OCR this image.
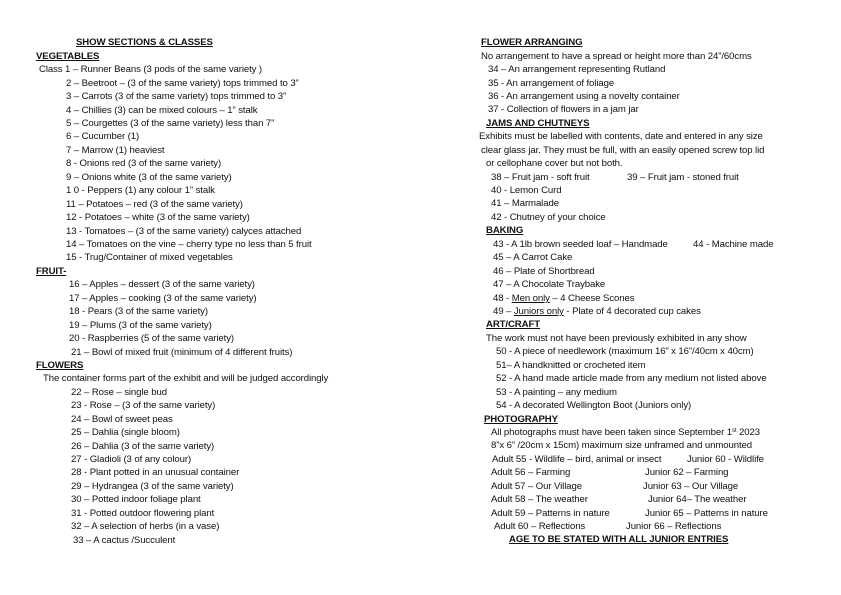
SHOW SECTIONS & CLASSES
VEGETABLES
Class 1 – Runner Beans (3 pods of the same variety )
2 – Beetroot – (3 of the same variety) tops trimmed to 3”
3 – Carrots (3 of the same variety) tops trimmed to 3”
4 – Chillies (3) can be mixed colours – 1” stalk
5 – Courgettes (3 of the same variety) less than 7”
6 – Cucumber (1)
7 – Marrow (1) heaviest
8 - Onions red (3 of the same variety)
9 – Onions white (3 of the same variety)
1 0 - Peppers (1) any colour 1” stalk
11 – Potatoes – red (3 of the same variety)
12 - Potatoes – white (3 of the same variety)
13 - Tomatoes – (3 of the same variety) calyces attached
14 – Tomatoes on the vine – cherry type no less than 5 fruit
15 - Trug/Container of mixed vegetables
FRUIT-
16 – Apples – dessert (3 of the same variety)
17 – Apples – cooking (3 of the same variety)
18 - Pears (3 of the same variety)
19 – Plums (3 of the same variety)
20 - Raspberries (5 of the same variety)
21 – Bowl of mixed fruit (minimum of 4 different fruits)
FLOWERS
The container forms part of the exhibit and will be judged accordingly
22 – Rose – single bud
23 - Rose – (3 of the same variety)
24 – Bowl of sweet peas
25 – Dahlia (single bloom)
26 – Dahlia (3 of the same variety)
27 - Gladioli (3 of any colour)
28 - Plant potted in an unusual container
29 – Hydrangea (3 of the same variety)
30 – Potted indoor foliage plant
31 - Potted outdoor flowering plant
32 – A selection of herbs (in a vase)
33 – A cactus /Succulent
FLOWER ARRANGING
No arrangement to have a spread or height more than 24”/60cms
34 – An arrangement representing Rutland
35 - An arrangement of foliage
36 - An arrangement using a novelty container
37 - Collection of flowers in a jam jar
JAMS AND CHUTNEYS
Exhibits must be labelled with contents, date and entered in any size
clear glass jar. They must be full, with an easily opened screw top lid
or cellophane cover but not both.
38 – Fruit jam - soft fruit	39 – Fruit jam - stoned fruit
40 - Lemon Curd
41 – Marmalade
42 - Chutney of your choice
BAKING
43 - A 1lb brown seeded loaf – Handmade	44 - Machine made
45 – A Carrot Cake
46 – Plate of Shortbread
47 – A Chocolate Traybake
48 - Men only – 4 Cheese Scones
49 – Juniors only - Plate of 4 decorated cup cakes
ART/CRAFT
The work must not have been previously exhibited in any show
50 - A piece of needlework (maximum 16” x 16”/40cm x 40cm)
51– A handknitted or crocheted item
52 - A hand made article made from any medium not listed above
53 - A painting – any medium
54 - A decorated Wellington Boot (Juniors only)
PHOTOGRAPHY
All photographs must have been taken since September 1st 2023
8”x 6” /20cm x 15cm) maximum size unframed and unmounted
Adult 55 - Wildlife – bird, animal or insect
Adult 56 – Farming
Adult 57 – Our Village
Adult 58 – The weather
Adult 59 – Patterns in nature
Adult 60 – Reflections
Junior 60 - Wildlife
Junior 62 – Farming
Junior 63 – Our Village
Junior 64– The weather
Junior 65 – Patterns in nature
Junior 66 – Reflections
AGE TO BE STATED WITH ALL JUNIOR ENTRIES
